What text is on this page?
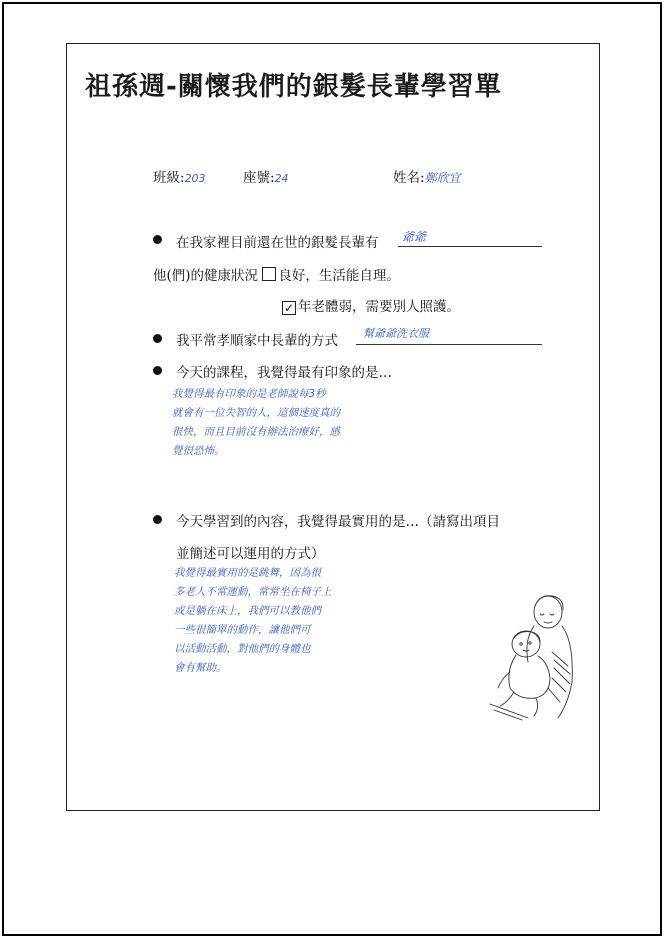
祖孫週-關懷我們的銀髮長輩學習單
班級:203	座號:24	姓名:鄭欣宜
在我家裡目前還在世的銀髮長輩有 爺爺
他(們)的健康狀況 良好，生活能自理。
✓ 年老體弱，需要別人照護。
我平常孝順家中長輩的方式 幫爺爺洗衣服
今天的課程，我覺得最有印象的是…
我覺得最有印象的是老師說每3秒
就會有一位失智的人，這個速度真的
很快，而且目前沒有辦法治療好，感
覺很恐怖。
今天學習到的內容，我覺得最實用的是…（請寫出項目
並簡述可以運用的方式）
我覺得最實用的是跳舞，因為很
多老人不常運動，常常坐在椅子上
或是躺在床上，我們可以教他們
一些很簡單的動作，讓他們可
以活動活動，對他們的身體也
會有幫助。
